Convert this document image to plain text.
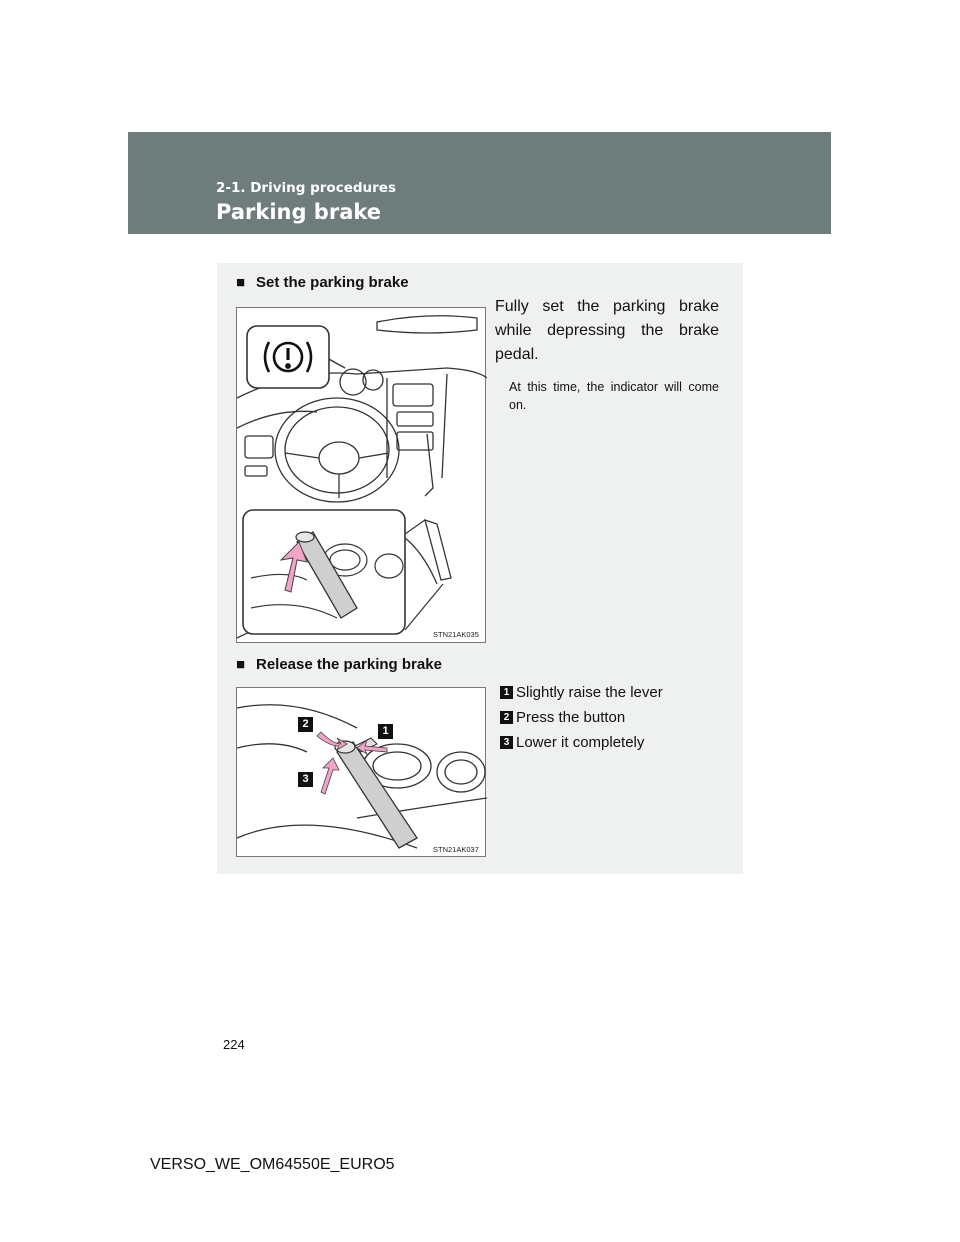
2-1. Driving procedures
Parking brake
■ Set the parking brake
STN21AK035
Fully set the parking brake while depressing the brake pedal.
At this time, the indicator will come on.
■ Release the parking brake
2
1
3
STN21AK037
1 Slightly raise the lever
2 Press the button
3 Lower it completely
224
VERSO_WE_OM64550E_EURO5
